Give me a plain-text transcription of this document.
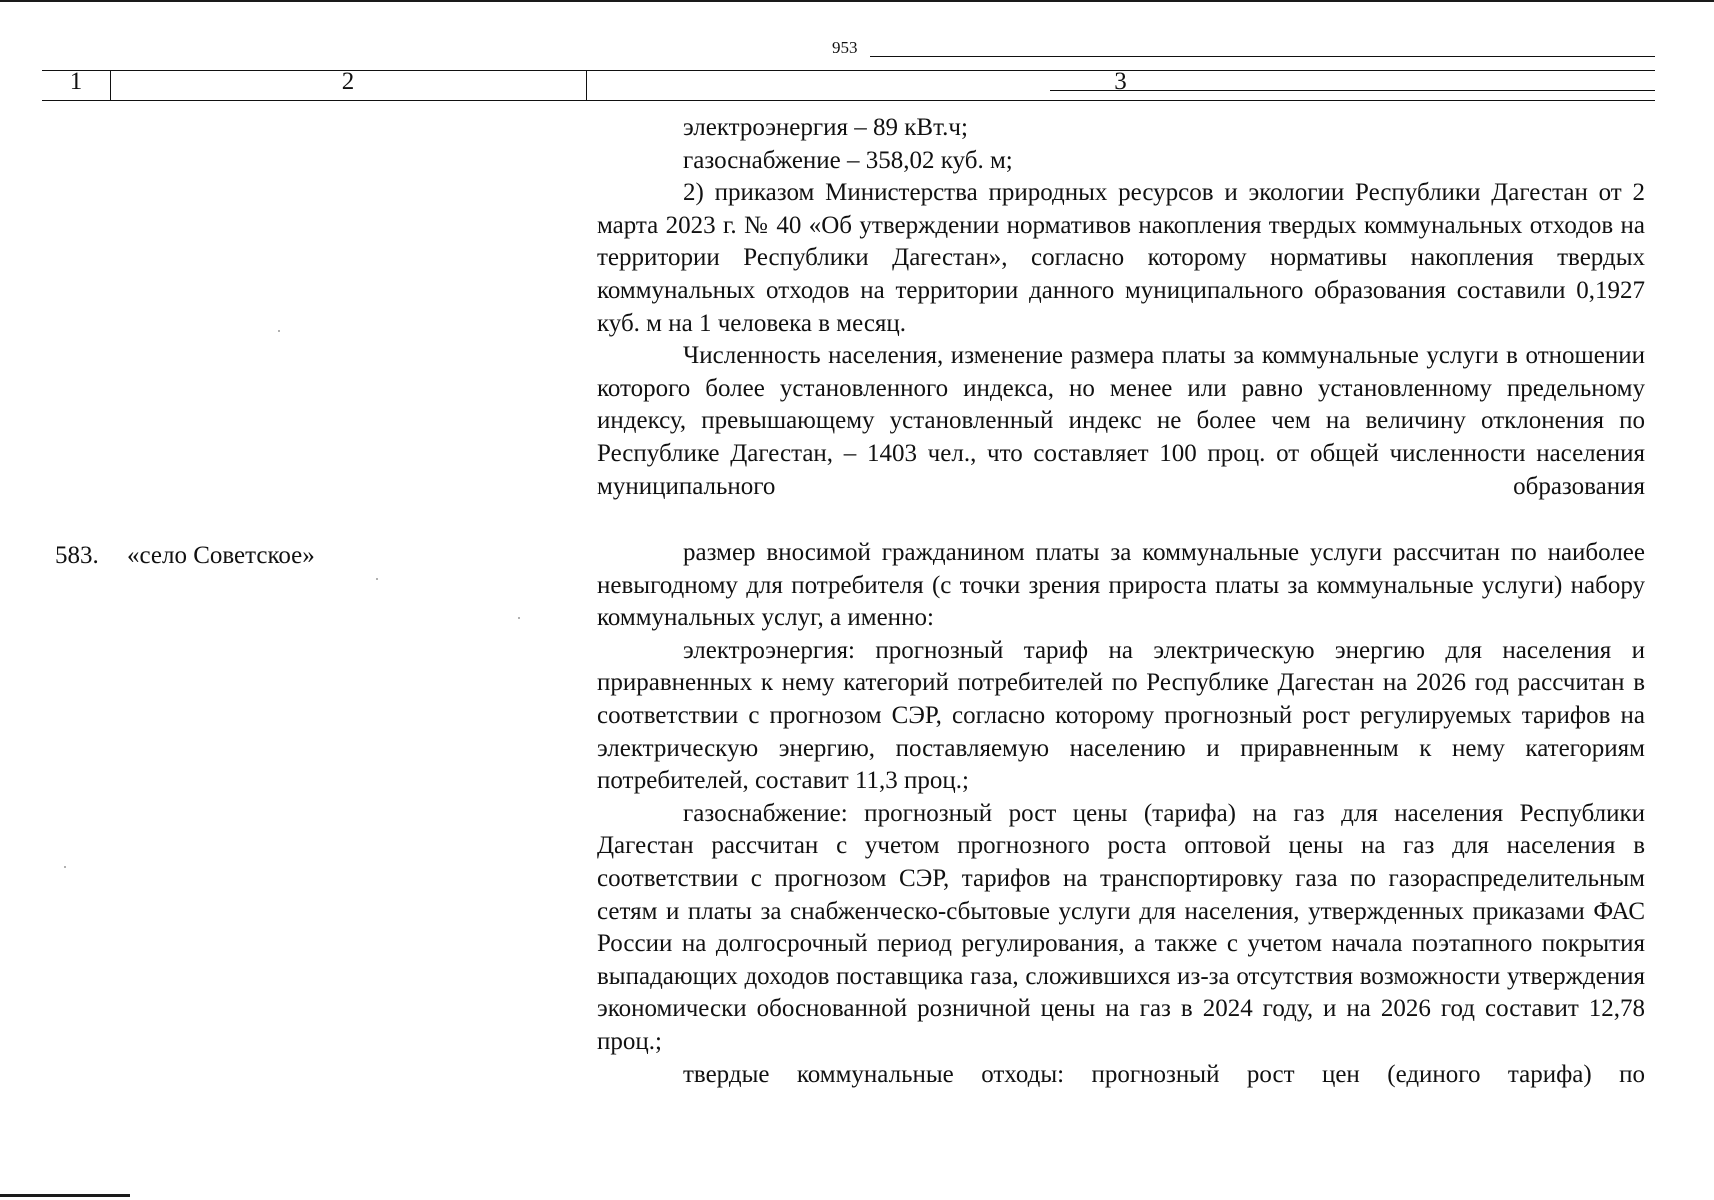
953
1	2	3

электроэнергия – 89 кВт.ч;

газоснабжение – 358,02 куб. м;

2) приказом Министерства природных ресурсов и экологии Республики Дагестан от 2 марта 2023 г. № 40 «Об утверждении нормативов накопления твердых коммунальных отходов на территории Республики Дагестан», согласно которому нормативы накопления твердых коммунальных отходов на территории данного муниципального образования составили 0,1927 куб. м на 1 человека в месяц.

Численность населения, изменение размера платы за коммунальные услуги в отношении которого более установленного индекса, но менее или равно установленному предельному индексу, превышающему установленный индекс не более чем на величину отклонения по Республике Дагестан, – 1403 чел., что составляет 100 проц. от общей численности населения муниципального образования

583. «село Советское»	размер вносимой гражданином платы за коммунальные услуги рассчитан по наиболее невыгодному для потребителя (с точки зрения прироста платы за коммунальные услуги) набору коммунальных услуг, а именно:

электроэнергия: прогнозный тариф на электрическую энергию для населения и приравненных к нему категорий потребителей по Республике Дагестан на 2026 год рассчитан в соответствии с прогнозом СЭР, согласно которому прогнозный рост регулируемых тарифов на электрическую энергию, поставляемую населению и приравненным к нему категориям потребителей, составит 11,3 проц.;

газоснабжение: прогнозный рост цены (тарифа) на газ для населения Республики Дагестан рассчитан с учетом прогнозного роста оптовой цены на газ для населения в соответствии с прогнозом СЭР, тарифов на транспортировку газа по газораспределительным сетям и платы за снабженческо-сбытовые услуги для населения, утвержденных приказами ФАС России на долгосрочный период регулирования, а также с учетом начала поэтапного покрытия выпадающих доходов поставщика газа, сложившихся из-за отсутствия возможности утверждения экономически обоснованной розничной цены на газ в 2024 году, и на 2026 год составит 12,78 проц.;

твердые коммунальные отходы: прогнозный рост цен (единого тарифа) по
